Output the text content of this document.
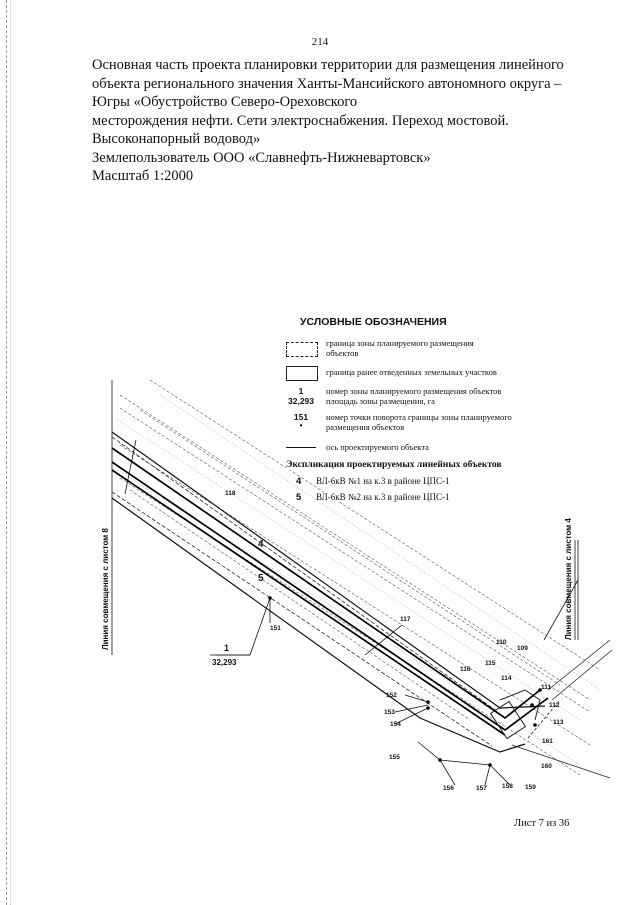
214
Основная часть проекта планировки территории для размещения линейного
объекта регионального значения Ханты-Мансийского автономного округа –
Югры «Обустройство Северо-Ореховского
месторождения нефти. Сети электроснабжения. Переход мостовой.
Высоконапорный водовод»
Землепользователь ООО «Славнефть-Нижневартовск»
Масштаб 1:2000
Линия совмещения с листом 8	Линия совмещения с листом 4
1
32,293
4
5
118
117
151
152
153
154
155
156	157 158 159
160
161
113
112
111
110
109
114
115
116
УСЛОВНЫЕ ОБОЗНАЧЕНИЯ
граница зоны планируемого размещения
объектов
граница ранее отведенных земельных участков
1
32,293
номер зоны планируемого размещения объектов
площадь зоны размещения, га
151
•
номер точки поворота границы зоны планируемого
размещения объектов
ось проектируемого объекта
Экспликация проектируемых линейных объектов
4 ВЛ-6кВ №1 на к.3 в районе ЦПС-1
5 ВЛ-6кВ №2 на к.3 в районе ЦПС-1
Лист 7 из 36
